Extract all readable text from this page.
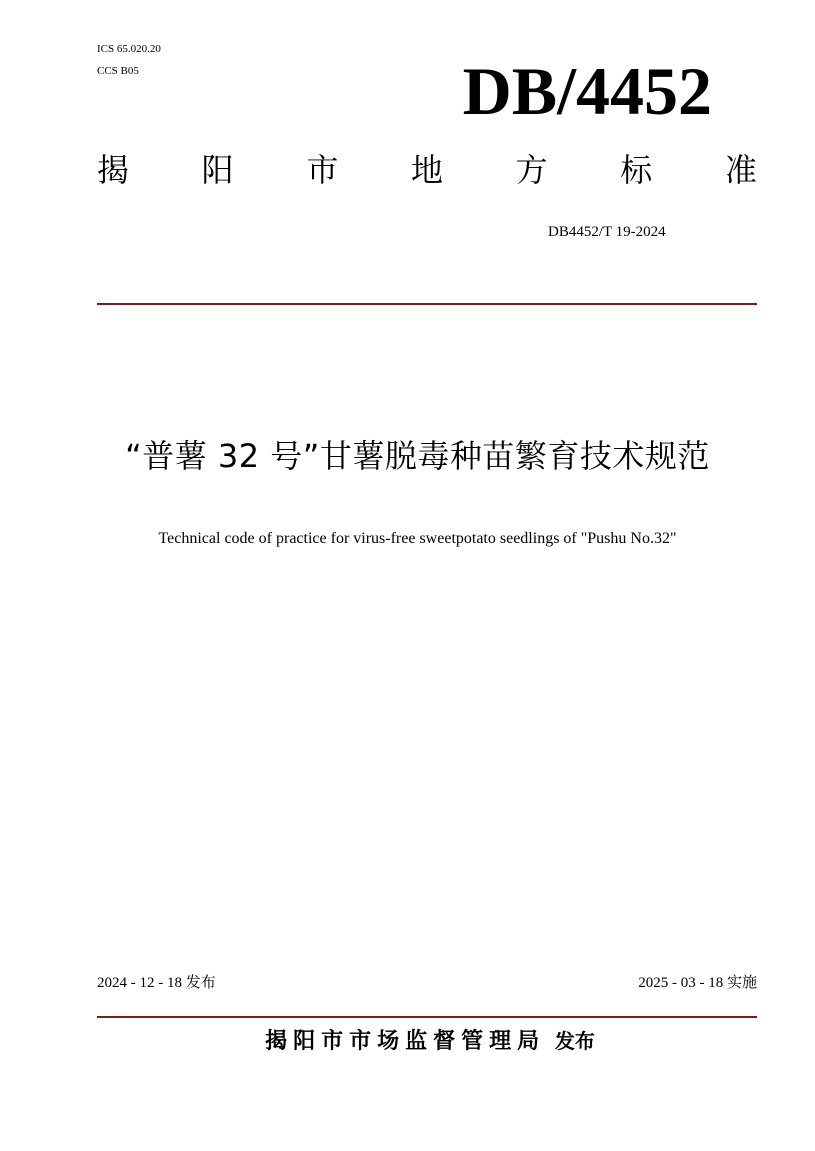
ICS 65.020.20
CCS B05	DB/4452
揭 阳 市 地 方 标 准
DB4452/T 19-2024
“普薯 32 号”甘薯脱毒种苗繁育技术规范
Technical code of practice for virus-free sweetpotato seedlings of "Pushu No.32"
2024 - 12 - 18 发布	2025 - 03 - 18 实施
揭阳市市场监督管理局 发布
